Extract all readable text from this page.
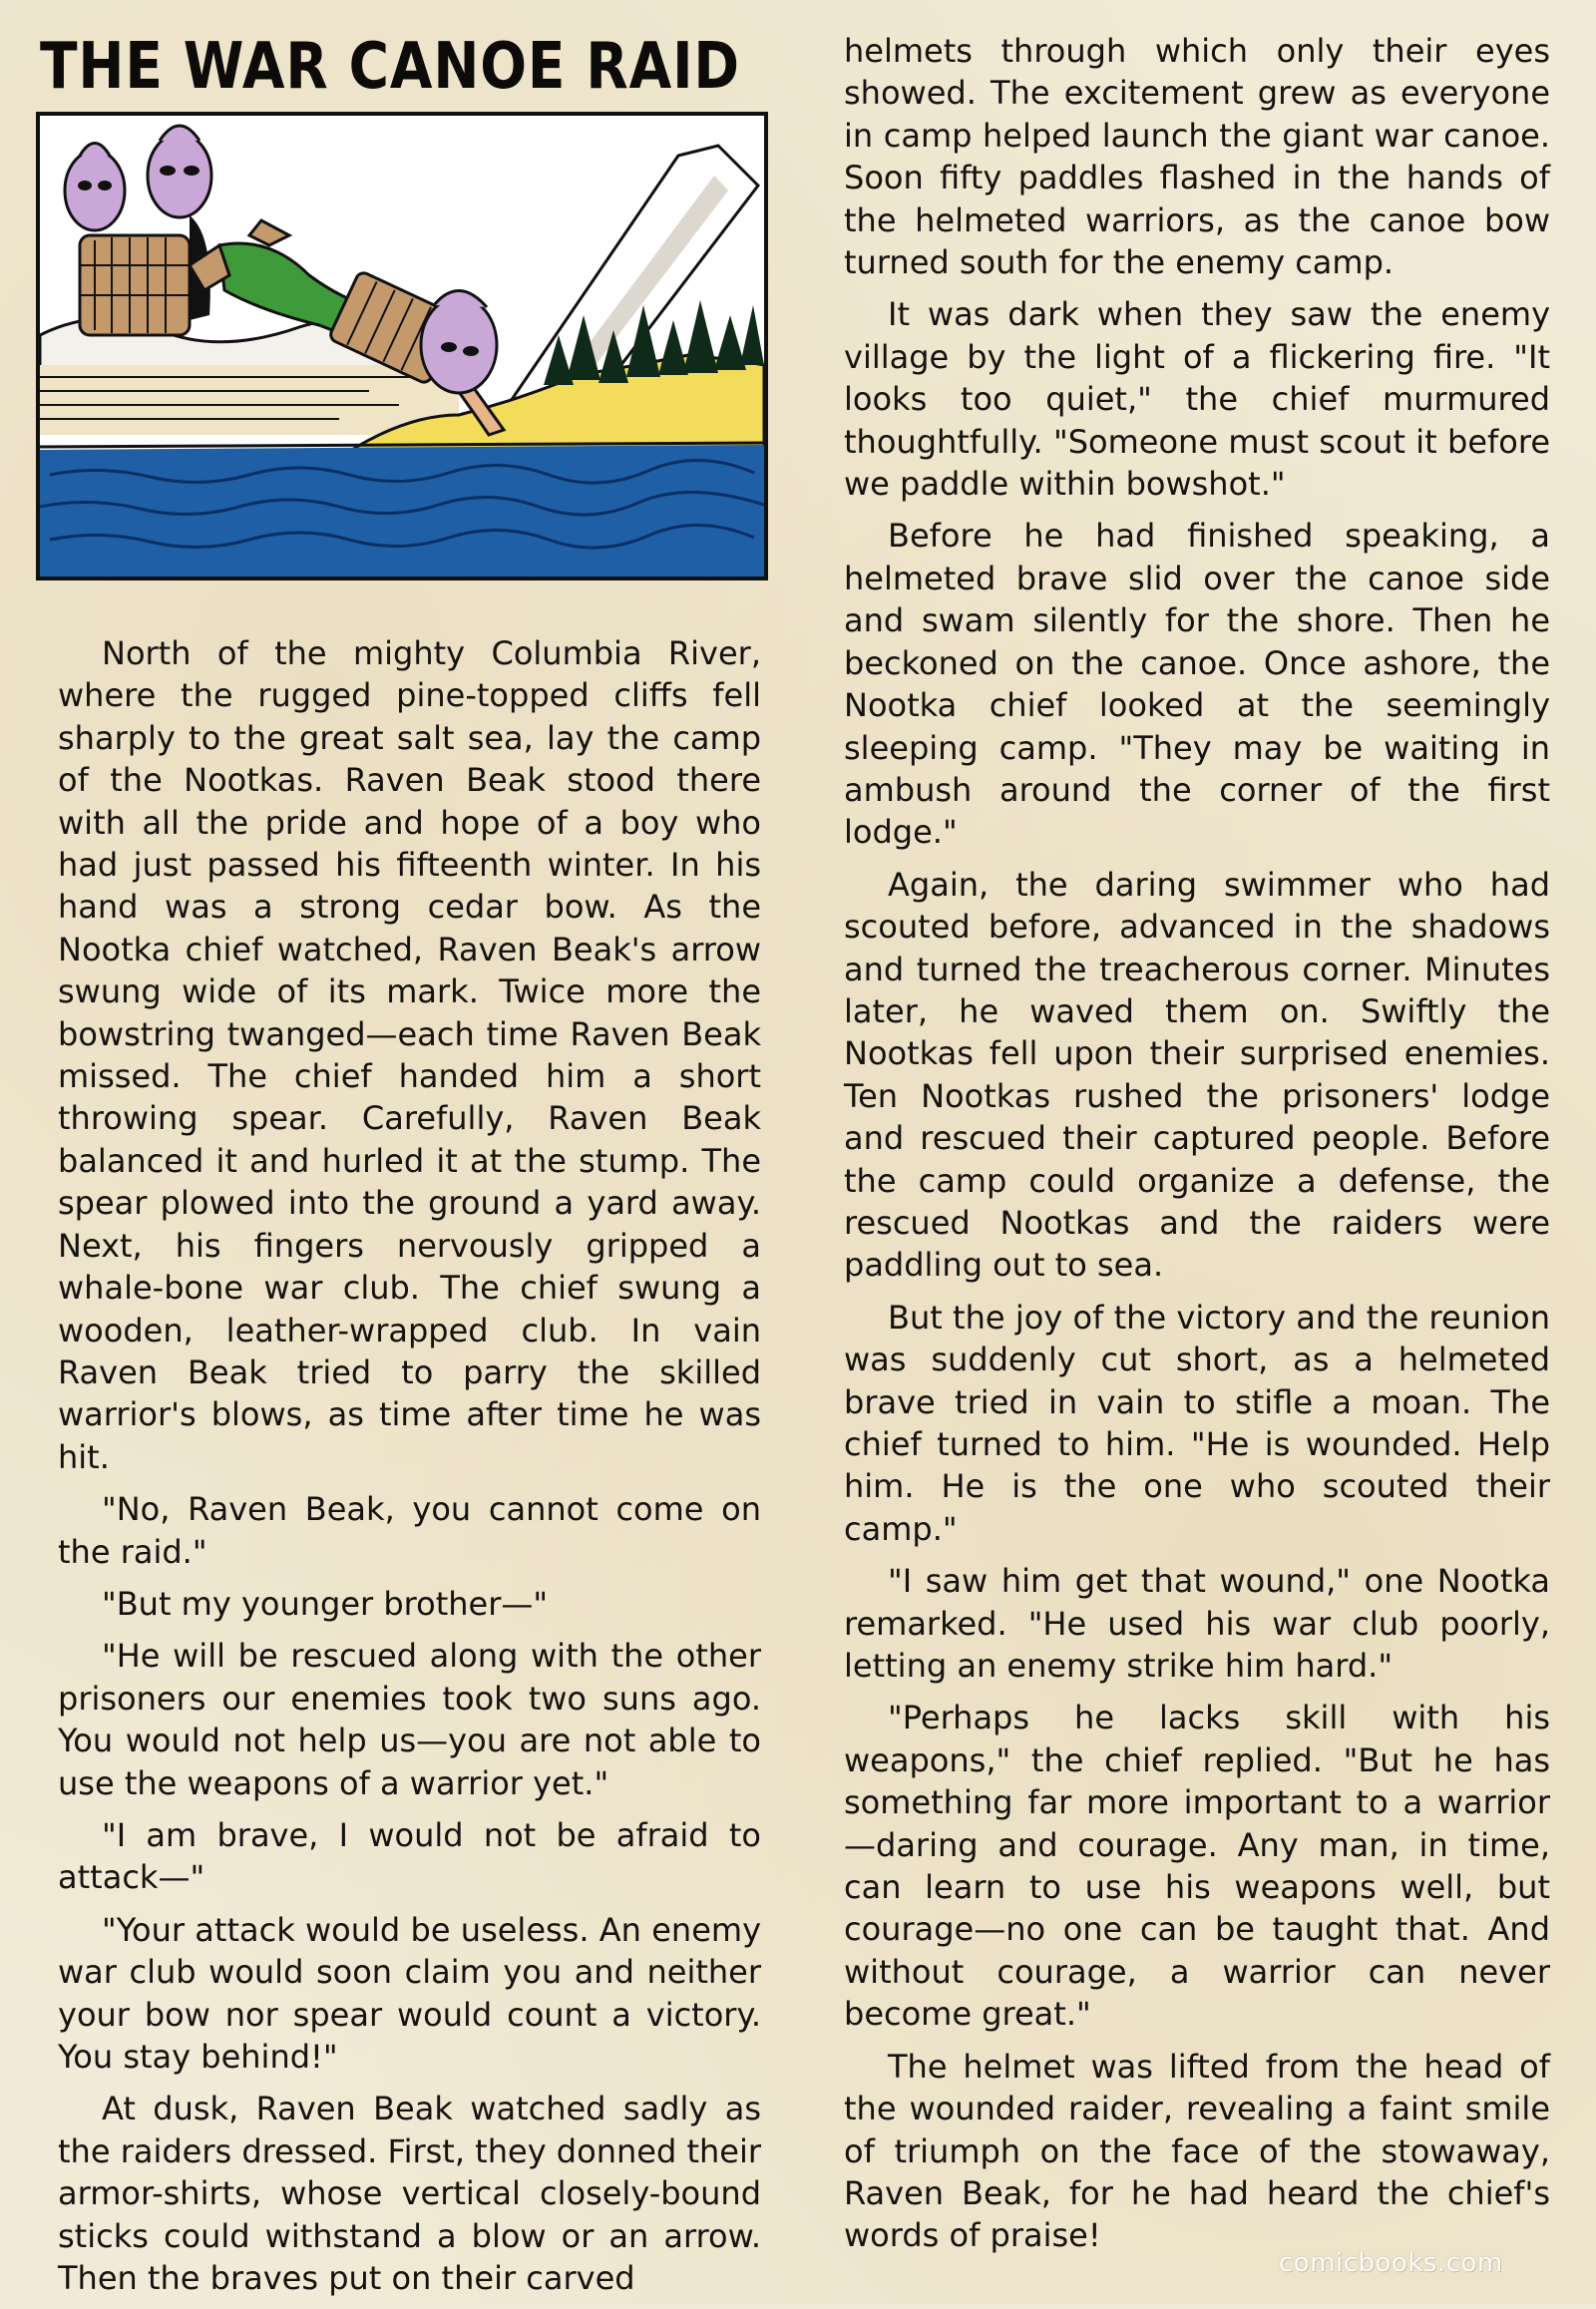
THE WAR CANOE RAID

North of the mighty Columbia River, where the rugged pine-topped cliffs fell sharply to the great salt sea, lay the camp of the Nootkas. Raven Beak stood there with all the pride and hope of a boy who had just passed his fifteenth winter. In his hand was a strong cedar bow. As the Nootka chief watched, Raven Beak's arrow swung wide of its mark. Twice more the bowstring twanged—each time Raven Beak missed. The chief handed him a short throwing spear. Carefully, Raven Beak balanced it and hurled it at the stump. The spear plowed into the ground a yard away. Next, his fingers nervously gripped a whale-bone war club. The chief swung a wooden, leather-wrapped club. In vain Raven Beak tried to parry the skilled warrior's blows, as time after time he was hit.

"No, Raven Beak, you cannot come on the raid."

"But my younger brother—"

"He will be rescued along with the other prisoners our enemies took two suns ago. You would not help us—you are not able to use the weapons of a warrior yet."

"I am brave, I would not be afraid to attack—"

"Your attack would be useless. An enemy war club would soon claim you and neither your bow nor spear would count a victory. You stay behind!"

At dusk, Raven Beak watched sadly as the raiders dressed. First, they donned their armor-shirts, whose vertical closely-bound sticks could withstand a blow or an arrow. Then the braves put on their carved

helmets through which only their eyes showed. The excitement grew as everyone in camp helped launch the giant war canoe. Soon fifty paddles flashed in the hands of the helmeted warriors, as the canoe bow turned south for the enemy camp.

It was dark when they saw the enemy village by the light of a flickering fire. "It looks too quiet," the chief murmured thoughtfully. "Someone must scout it before we paddle within bowshot."

Before he had finished speaking, a helmeted brave slid over the canoe side and swam silently for the shore. Then he beckoned on the canoe. Once ashore, the Nootka chief looked at the seemingly sleeping camp. "They may be waiting in ambush around the corner of the first lodge."

Again, the daring swimmer who had scouted before, advanced in the shadows and turned the treacherous corner. Minutes later, he waved them on. Swiftly the Nootkas fell upon their surprised enemies. Ten Nootkas rushed the prisoners' lodge and rescued their captured people. Before the camp could organize a defense, the rescued Nootkas and the raiders were paddling out to sea.

But the joy of the victory and the reunion was suddenly cut short, as a helmeted brave tried in vain to stifle a moan. The chief turned to him. "He is wounded. Help him. He is the one who scouted their camp."

"I saw him get that wound," one Nootka remarked. "He used his war club poorly, letting an enemy strike him hard."

"Perhaps he lacks skill with his weapons," the chief replied. "But he has something far more important to a warrior—daring and courage. Any man, in time, can learn to use his weapons well, but courage—no one can be taught that. And without courage, a warrior can never become great."

The helmet was lifted from the head of the wounded raider, revealing a faint smile of triumph on the face of the stowaway, Raven Beak, for he had heard the chief's words of praise!

comicbooks.com
